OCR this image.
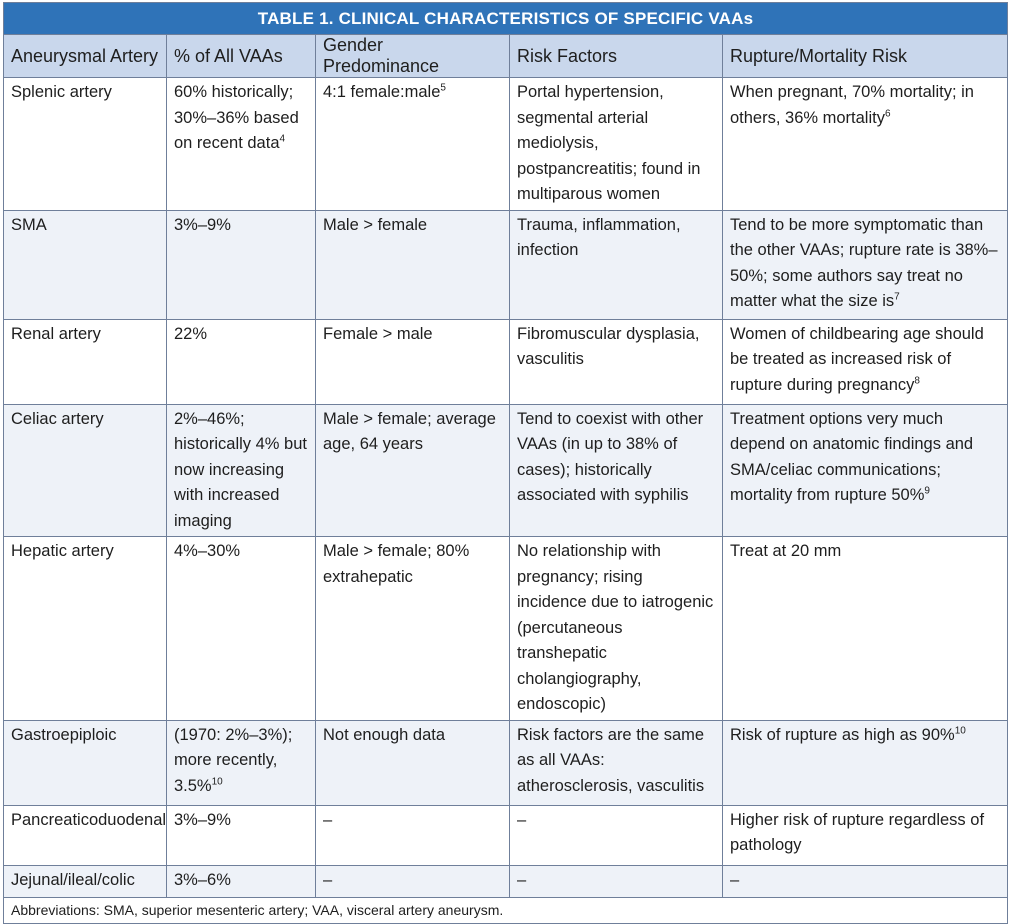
TABLE 1. CLINICAL CHARACTERISTICS OF SPECIFIC VAAs				
Aneurysmal Artery	% of All VAAs	Gender Predominance	Risk Factors	Rupture/Mortality Risk
Splenic artery	60% historically; 30%–36% based on recent data$^4$	4:1 female:male$^5$	Portal hypertension, segmental arterial mediolysis, postpancreatitis; found in multiparous women	When pregnant, 70% mortality; in others, 36% mortality$^6$
SMA	3%–9%	Male > female	Trauma, inflammation, infection	Tend to be more symptomatic than the other VAAs; rupture rate is 38%–50%; some authors say treat no matter what the size $is^7$
Renal artery	22%	Female > male	Fibromuscular dysplasia, vasculitis	Women of childbearing age should be treated as increased risk of rupture during pregnancy$^8$
Celiac artery	2%–46%; historically 4% but now increasing with increased imaging	Male > female; average age, 64 years	Tend to coexist with other VAAs (in up to 38% of cases); historically associated with syphilis	Treatment options very much depend on anatomic findings and SMA/celiac communications; mortality from rupture 50%$^9$
Hepatic artery	4%–30%	Male > female; 80% extrahepatic	No relationship with pregnancy; rising incidence due to iatrogenic (percutaneous transhepatic cholangiography, endoscopic)	Treat at 20 mm
Gastroepiploic	(1970: 2%–3%); more recently, 3.5%$^{10}$	Not enough data	Risk factors are the same as all VAAs: atherosclerosis, vasculitis	Risk of rupture as high as 90%$^{10}$
Pancreaticoduodenal	3%–9%	–	–	Higher risk of rupture regardless of pathology
Jejunal/ileal/colic	3%–6%	–	–	–
Abbreviations: SMA, superior mesenteric artery; VAA, visceral artery aneurysm.				
